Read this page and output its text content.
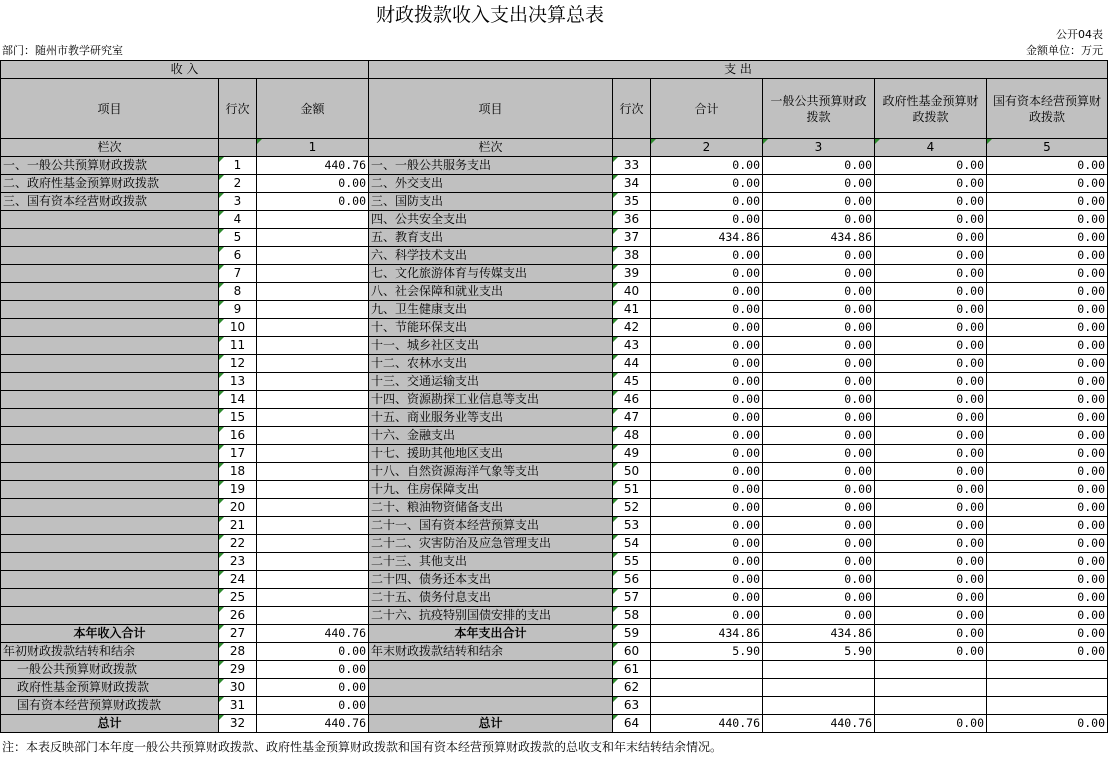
财政拨款收入支出决算总表
公开04表
部门：随州市教学研究室	金额单位：万元
收 入			支 出					
项目	行次	金额	项目	行次	合计	一般公共预算财政拨款	政府性基金预算财政拨款	国有资本经营预算财政拨款
栏次		1	栏次		2	3	4	5
一、一般公共预算财政拨款	1	440.76	一、一般公共服务支出	33	0.00	0.00	0.00	0.00
二、政府性基金预算财政拨款	2	0.00	二、外交支出	34	0.00	0.00	0.00	0.00
三、国有资本经营财政拨款	3	0.00	三、国防支出	35	0.00	0.00	0.00	0.00
	4		四、公共安全支出	36	0.00	0.00	0.00	0.00
	5		五、教育支出	37	434.86	434.86	0.00	0.00
	6		六、科学技术支出	38	0.00	0.00	0.00	0.00
	7		七、文化旅游体育与传媒支出	39	0.00	0.00	0.00	0.00
	8		八、社会保障和就业支出	40	0.00	0.00	0.00	0.00
	9		九、卫生健康支出	41	0.00	0.00	0.00	0.00
	10		十、节能环保支出	42	0.00	0.00	0.00	0.00
	11		十一、城乡社区支出	43	0.00	0.00	0.00	0.00
	12		十二、农林水支出	44	0.00	0.00	0.00	0.00
	13		十三、交通运输支出	45	0.00	0.00	0.00	0.00
	14		十四、资源勘探工业信息等支出	46	0.00	0.00	0.00	0.00
	15		十五、商业服务业等支出	47	0.00	0.00	0.00	0.00
	16		十六、金融支出	48	0.00	0.00	0.00	0.00
	17		十七、援助其他地区支出	49	0.00	0.00	0.00	0.00
	18		十八、自然资源海洋气象等支出	50	0.00	0.00	0.00	0.00
	19		十九、住房保障支出	51	0.00	0.00	0.00	0.00
	20		二十、粮油物资储备支出	52	0.00	0.00	0.00	0.00
	21		二十一、国有资本经营预算支出	53	0.00	0.00	0.00	0.00
	22		二十二、灾害防治及应急管理支出	54	0.00	0.00	0.00	0.00
	23		二十三、其他支出	55	0.00	0.00	0.00	0.00
	24		二十四、债务还本支出	56	0.00	0.00	0.00	0.00
	25		二十五、债务付息支出	57	0.00	0.00	0.00	0.00
	26		二十六、抗疫特别国债安排的支出	58	0.00	0.00	0.00	0.00
本年收入合计	27	440.76	本年支出合计	59	434.86	434.86	0.00	0.00
年初财政拨款结转和结余	28	0.00	年末财政拨款结转和结余	60	5.90	5.90	0.00	0.00
一般公共预算财政拨款	29	0.00		61				
政府性基金预算财政拨款	30	0.00		62				
国有资本经营预算财政拨款	31	0.00		63				
总计	32	440.76	总计	64	440.76	440.76	0.00	0.00
注：本表反映部门本年度一般公共预算财政拨款、政府性基金预算财政拨款和国有资本经营预算财政拨款的总收支和年末结转结余情况。
